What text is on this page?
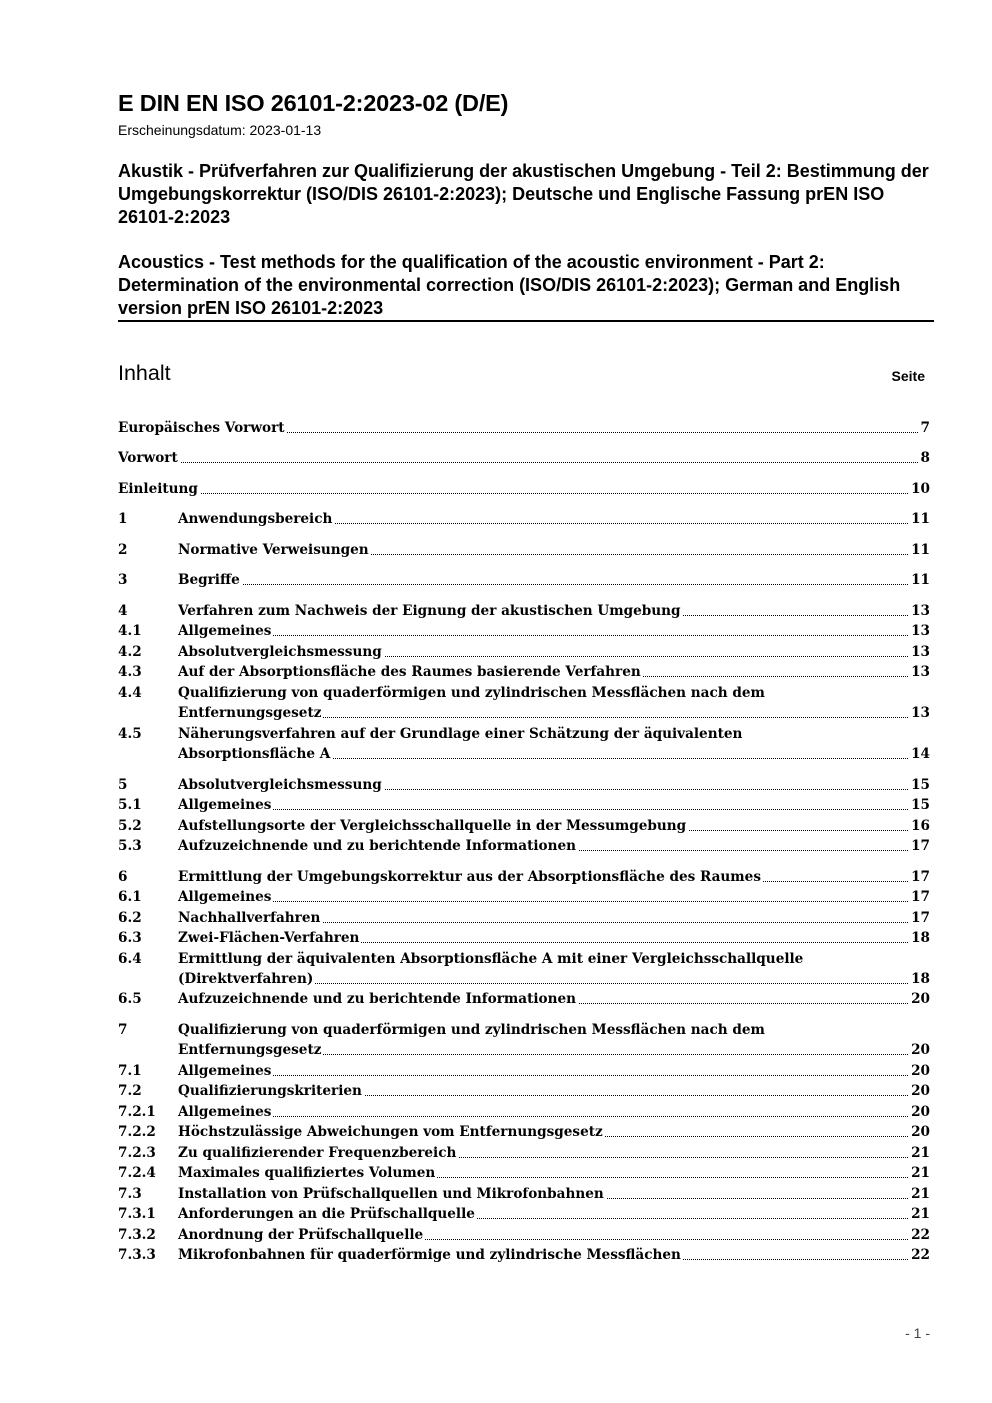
E DIN EN ISO 26101-2:2023-02 (D/E)
Erscheinungsdatum: 2023-01-13
Akustik - Prüfverfahren zur Qualifizierung der akustischen Umgebung - Teil 2: Bestimmung der Umgebungskorrektur (ISO/DIS 26101-2:2023); Deutsche und Englische Fassung prEN ISO 26101-2:2023
Acoustics - Test methods for the qualification of the acoustic environment - Part 2: Determination of the environmental correction (ISO/DIS 26101-2:2023); German and English version prEN ISO 26101-2:2023
Inhalt	Seite
Europäisches Vorwort	7
Vorwort	8
Einleitung	10
1	Anwendungsbereich	11
2	Normative Verweisungen	11
3	Begriffe	11
4	Verfahren zum Nachweis der Eignung der akustischen Umgebung	13
4.1	Allgemeines	13
4.2	Absolutvergleichsmessung	13
4.3	Auf der Absorptionsfläche des Raumes basierende Verfahren	13
4.4	Qualifizierung von quaderförmigen und zylindrischen Messflächen nach dem
Entfernungsgesetz	13
4.5	Näherungsverfahren auf der Grundlage einer Schätzung der äquivalenten
Absorptionsfläche A	14
5	Absolutvergleichsmessung	15
5.1	Allgemeines	15
5.2	Aufstellungsorte der Vergleichsschallquelle in der Messumgebung	16
5.3	Aufzuzeichnende und zu berichtende Informationen	17
6	Ermittlung der Umgebungskorrektur aus der Absorptionsfläche des Raumes	17
6.1	Allgemeines	17
6.2	Nachhallverfahren	17
6.3	Zwei-Flächen-Verfahren	18
6.4	Ermittlung der äquivalenten Absorptionsfläche A mit einer Vergleichsschallquelle
(Direktverfahren)	18
6.5	Aufzuzeichnende und zu berichtende Informationen	20
7	Qualifizierung von quaderförmigen und zylindrischen Messflächen nach dem
Entfernungsgesetz	20
7.1	Allgemeines	20
7.2	Qualifizierungskriterien	20
7.2.1 Allgemeines	20
7.2.2 Höchstzulässige Abweichungen vom Entfernungsgesetz	20
7.2.3 Zu qualifizierender Frequenzbereich	21
7.2.4 Maximales qualifiziertes Volumen	21
7.3	Installation von Prüfschallquellen und Mikrofonbahnen	21
7.3.1 Anforderungen an die Prüfschallquelle	21
7.3.2 Anordnung der Prüfschallquelle	22
7.3.3 Mikrofonbahnen für quaderförmige und zylindrische Messflächen	22
- 1 -
